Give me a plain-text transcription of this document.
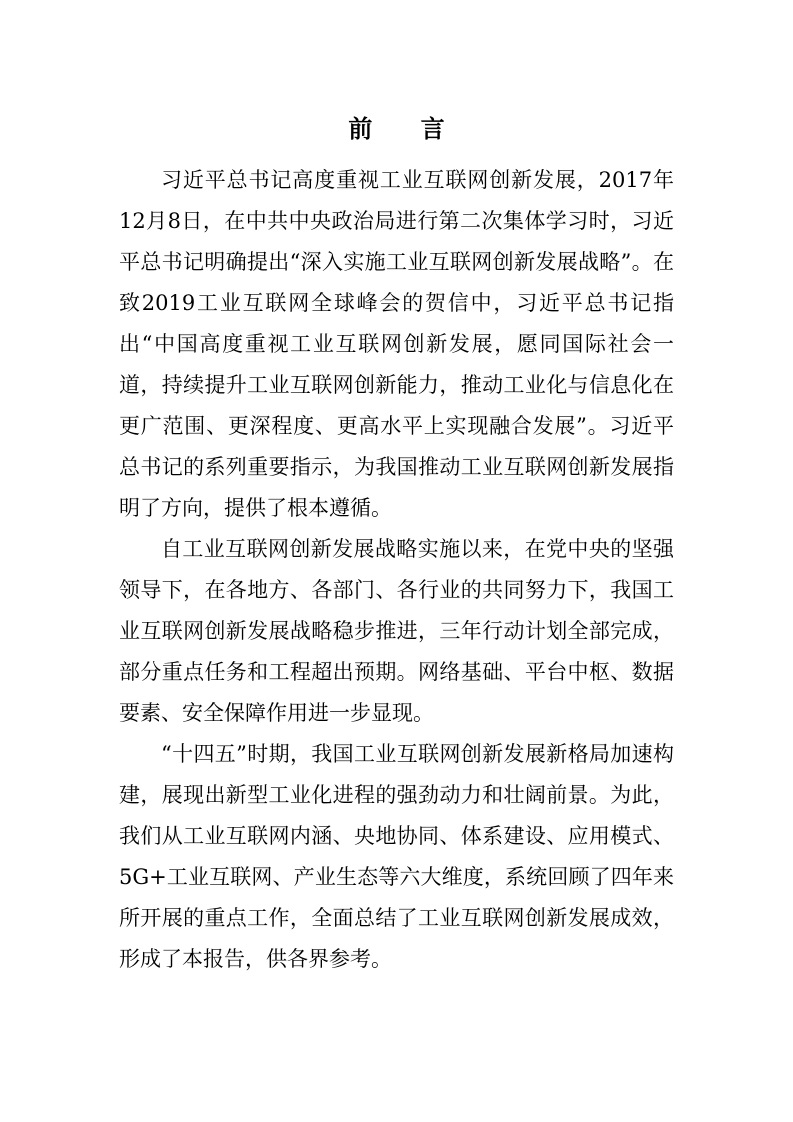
前 言

习近平总书记高度重视工业互联网创新发展，2017年12月8日，在中共中央政治局进行第二次集体学习时，习近平总书记明确提出“深入实施工业互联网创新发展战略”。在致2019工业互联网全球峰会的贺信中，习近平总书记指出“中国高度重视工业互联网创新发展，愿同国际社会一道，持续提升工业互联网创新能力，推动工业化与信息化在更广范围、更深程度、更高水平上实现融合发展”。习近平总书记的系列重要指示，为我国推动工业互联网创新发展指明了方向，提供了根本遵循。

自工业互联网创新发展战略实施以来，在党中央的坚强领导下，在各地方、各部门、各行业的共同努力下，我国工业互联网创新发展战略稳步推进，三年行动计划全部完成，部分重点任务和工程超出预期。网络基础、平台中枢、数据要素、安全保障作用进一步显现。

“十四五”时期，我国工业互联网创新发展新格局加速构建，展现出新型工业化进程的强劲动力和壮阔前景。为此，我们从工业互联网内涵、央地协同、体系建设、应用模式、5G+工业互联网、产业生态等六大维度，系统回顾了四年来所开展的重点工作，全面总结了工业互联网创新发展成效，形成了本报告，供各界参考。
